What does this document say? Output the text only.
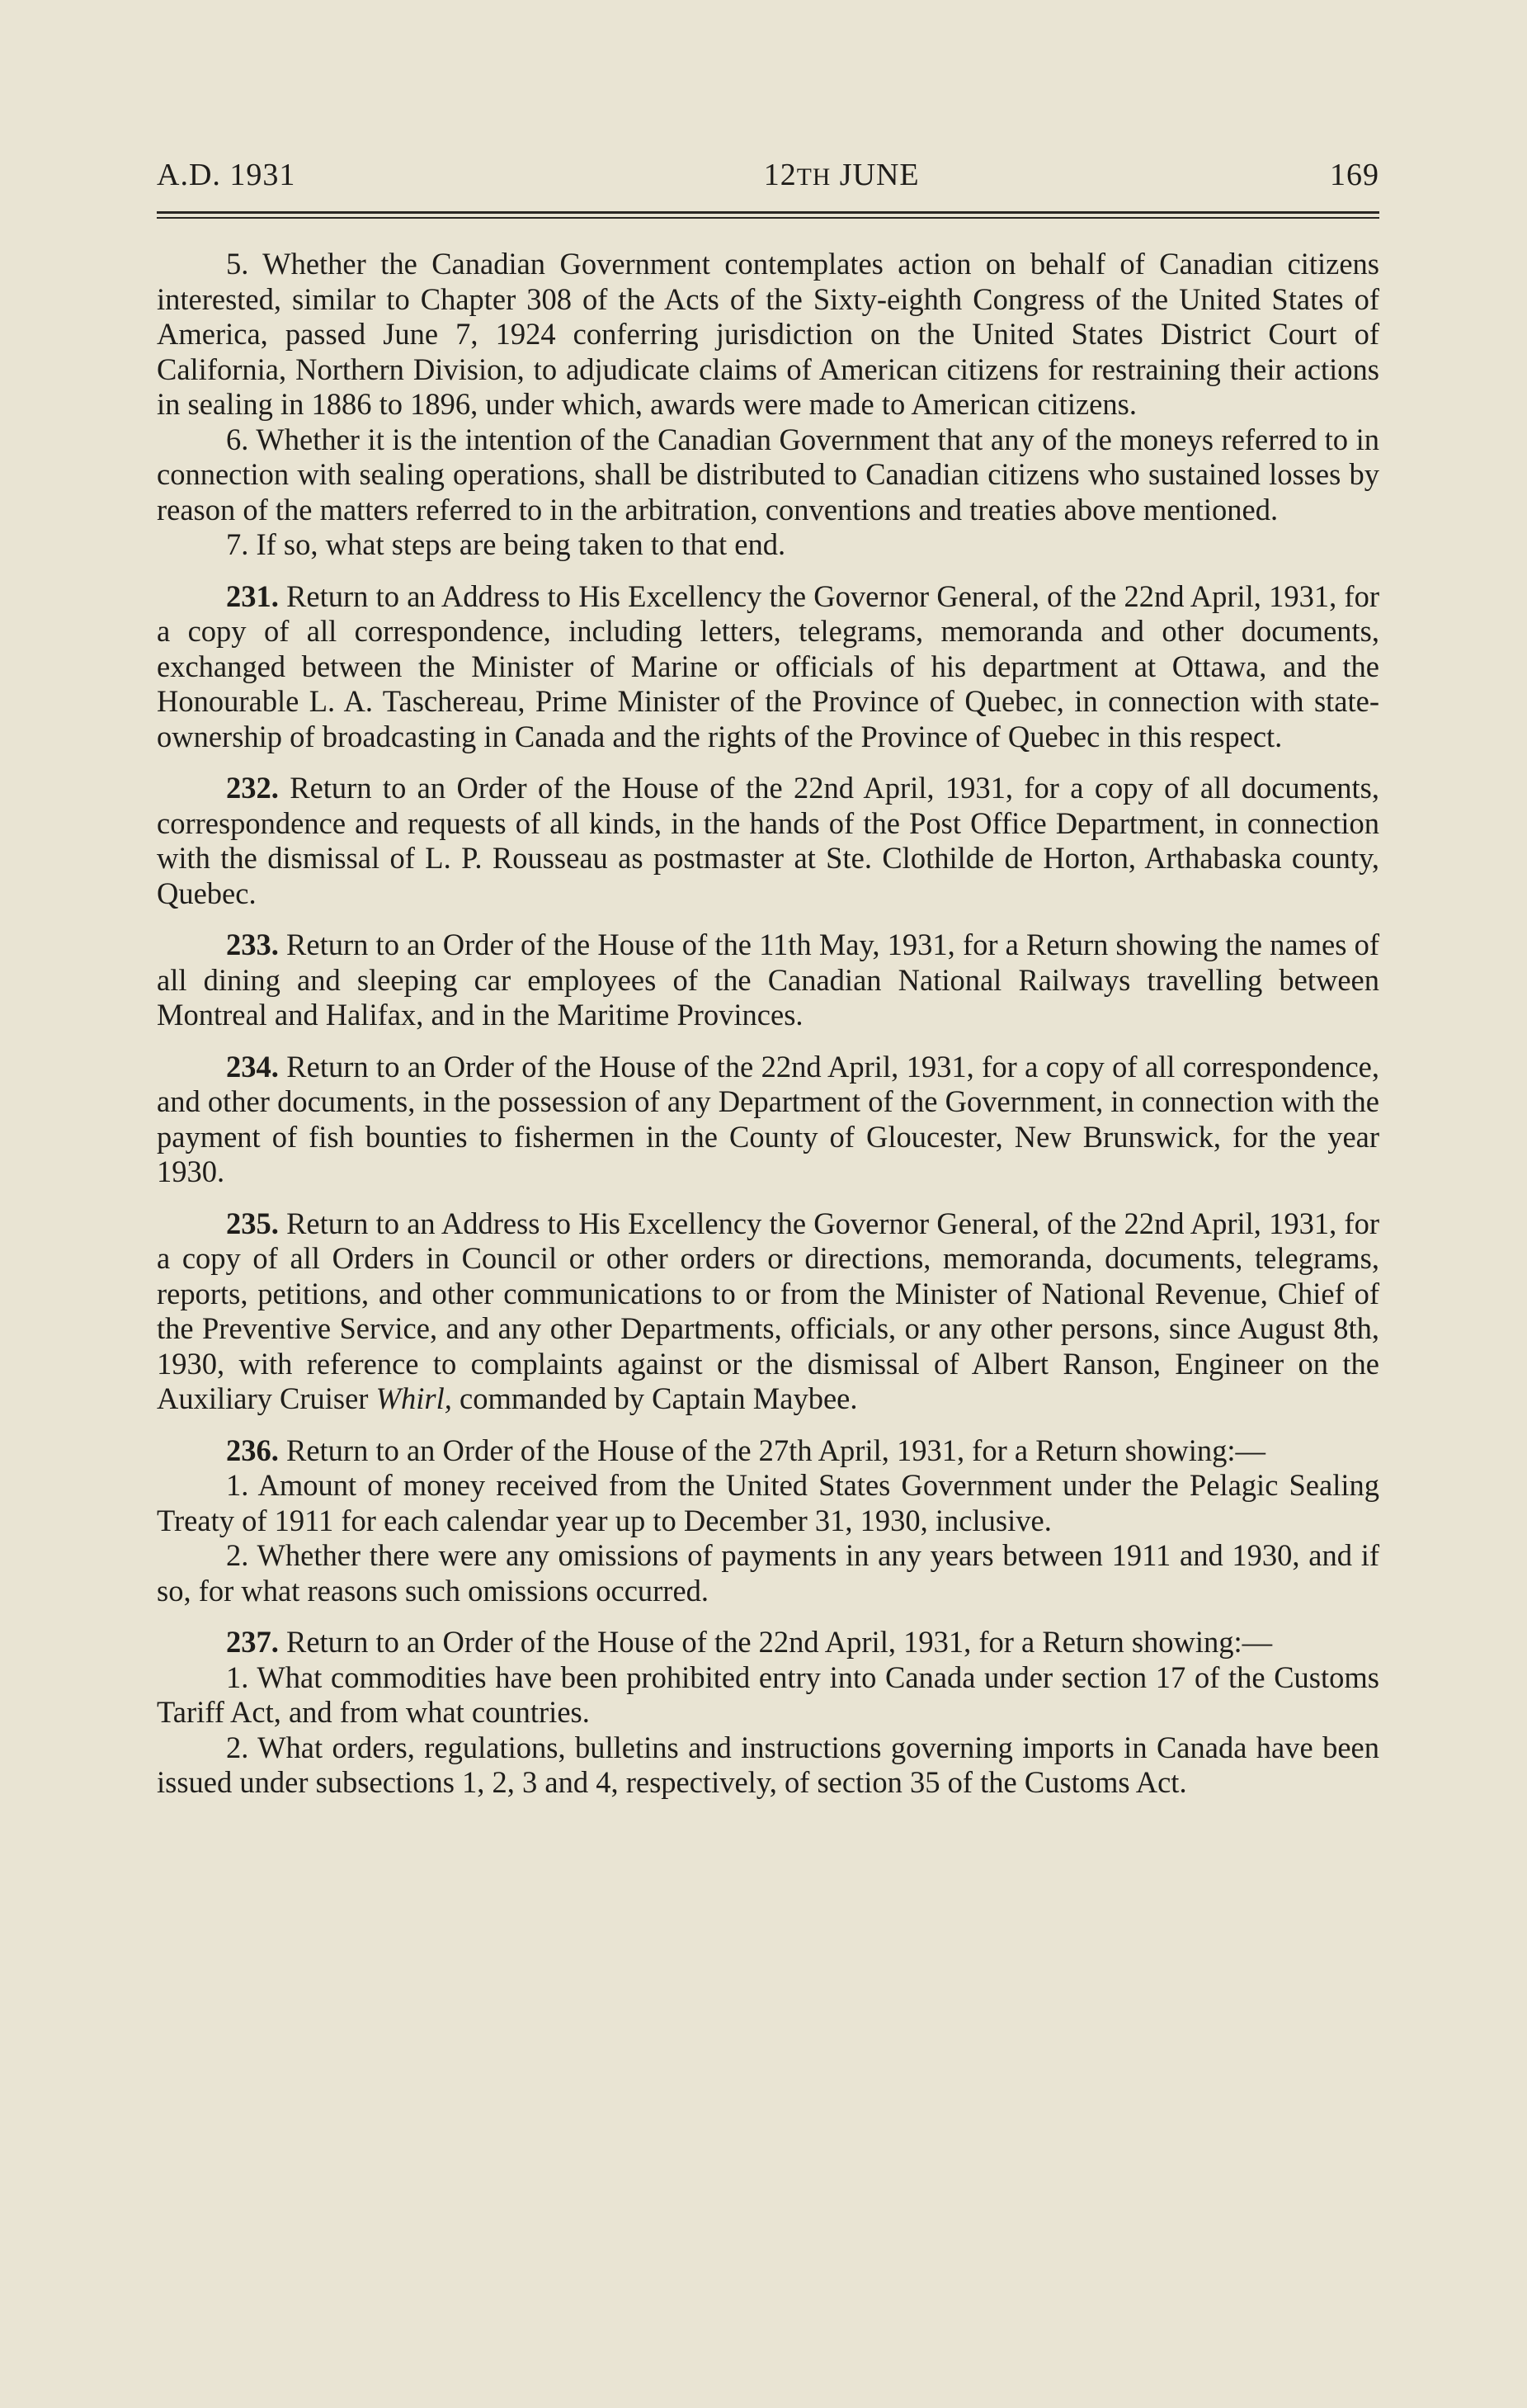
A.D. 1931	12TH JUNE	169

5. Whether the Canadian Government contemplates action on behalf of Canadian citizens interested, similar to Chapter 308 of the Acts of the Sixty-eighth Congress of the United States of America, passed June 7, 1924 conferring jurisdiction on the United States District Court of California, Northern Division, to adjudicate claims of American citizens for restraining their actions in sealing in 1886 to 1896, under which, awards were made to American citizens.

6. Whether it is the intention of the Canadian Government that any of the moneys referred to in connection with sealing operations, shall be distributed to Canadian citizens who sustained losses by reason of the matters referred to in the arbitration, conventions and treaties above mentioned.

7. If so, what steps are being taken to that end.

231. Return to an Address to His Excellency the Governor General, of the 22nd April, 1931, for a copy of all correspondence, including letters, telegrams, memoranda and other documents, exchanged between the Minister of Marine or officials of his department at Ottawa, and the Honourable L. A. Taschereau, Prime Minister of the Province of Quebec, in connection with state-ownership of broadcasting in Canada and the rights of the Province of Quebec in this respect.

232. Return to an Order of the House of the 22nd April, 1931, for a copy of all documents, correspondence and requests of all kinds, in the hands of the Post Office Department, in connection with the dismissal of L. P. Rousseau as postmaster at Ste. Clothilde de Horton, Arthabaska county, Quebec.

233. Return to an Order of the House of the 11th May, 1931, for a Return showing the names of all dining and sleeping car employees of the Canadian National Railways travelling between Montreal and Halifax, and in the Maritime Provinces.

234. Return to an Order of the House of the 22nd April, 1931, for a copy of all correspondence, and other documents, in the possession of any Department of the Government, in connection with the payment of fish bounties to fishermen in the County of Gloucester, New Brunswick, for the year 1930.

235. Return to an Address to His Excellency the Governor General, of the 22nd April, 1931, for a copy of all Orders in Council or other orders or directions, memoranda, documents, telegrams, reports, petitions, and other communications to or from the Minister of National Revenue, Chief of the Preventive Service, and any other Departments, officials, or any other persons, since August 8th, 1930, with reference to complaints against or the dismissal of Albert Ranson, Engineer on the Auxiliary Cruiser Whirl, commanded by Captain Maybee.

236. Return to an Order of the House of the 27th April, 1931, for a Return showing:—

1. Amount of money received from the United States Government under the Pelagic Sealing Treaty of 1911 for each calendar year up to December 31, 1930, inclusive.

2. Whether there were any omissions of payments in any years between 1911 and 1930, and if so, for what reasons such omissions occurred.

237. Return to an Order of the House of the 22nd April, 1931, for a Return showing:—

1. What commodities have been prohibited entry into Canada under section 17 of the Customs Tariff Act, and from what countries.

2. What orders, regulations, bulletins and instructions governing imports in Canada have been issued under subsections 1, 2, 3 and 4, respectively, of section 35 of the Customs Act.
